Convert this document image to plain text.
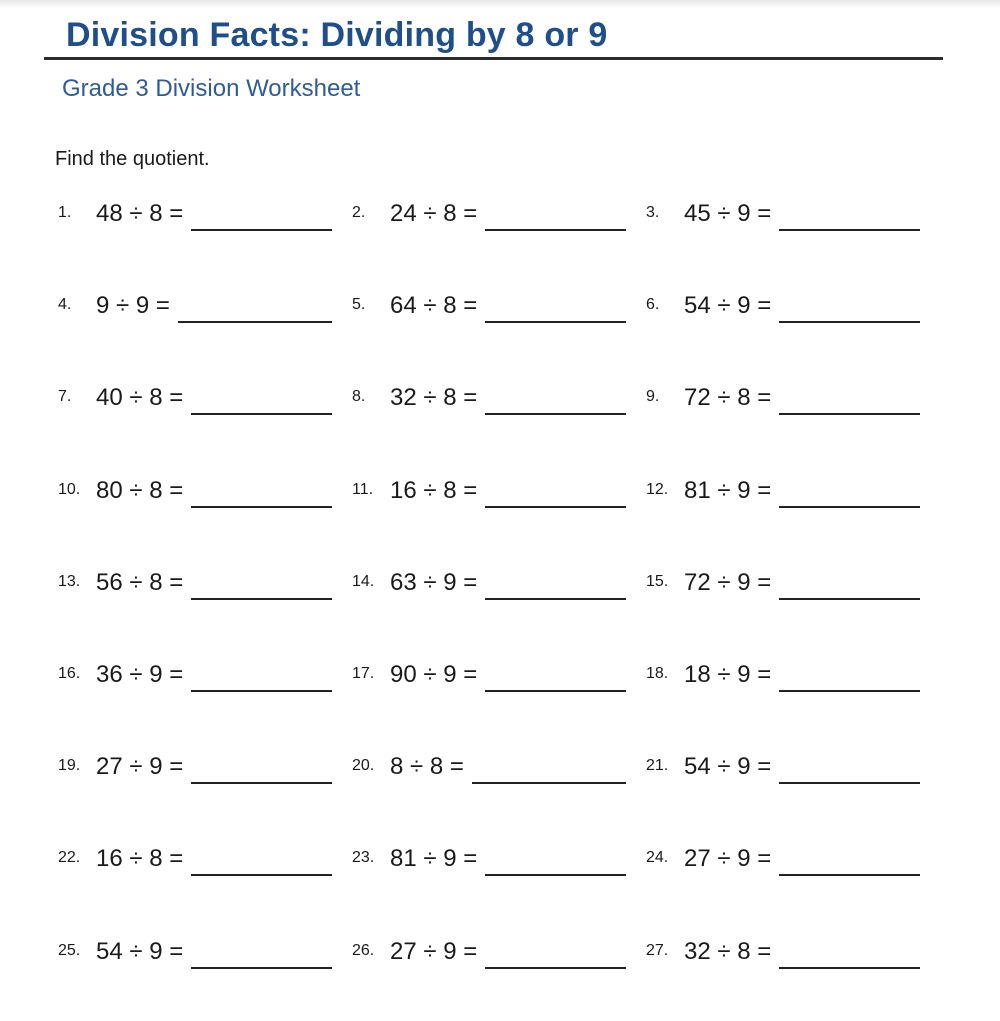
Division Facts: Dividing by 8 or 9
Grade 3 Division Worksheet
Find the quotient.
1. 48 ÷ 8 =	2. 24 ÷ 8 =	3. 45 ÷ 9 =
4. 9 ÷ 9 =	5. 64 ÷ 8 =	6. 54 ÷ 9 =
7. 40 ÷ 8 =	8. 32 ÷ 8 =	9. 72 ÷ 8 =
10. 80 ÷ 8 =	11. 16 ÷ 8 =	12. 81 ÷ 9 =
13. 56 ÷ 8 =	14. 63 ÷ 9 =	15. 72 ÷ 9 =
16. 36 ÷ 9 =	17. 90 ÷ 9 =	18. 18 ÷ 9 =
19. 27 ÷ 9 =	20. 8 ÷ 8 =	21. 54 ÷ 9 =
22. 16 ÷ 8 =	23. 81 ÷ 9 =	24. 27 ÷ 9 =
25. 54 ÷ 9 =	26. 27 ÷ 9 =	27. 32 ÷ 8 =
